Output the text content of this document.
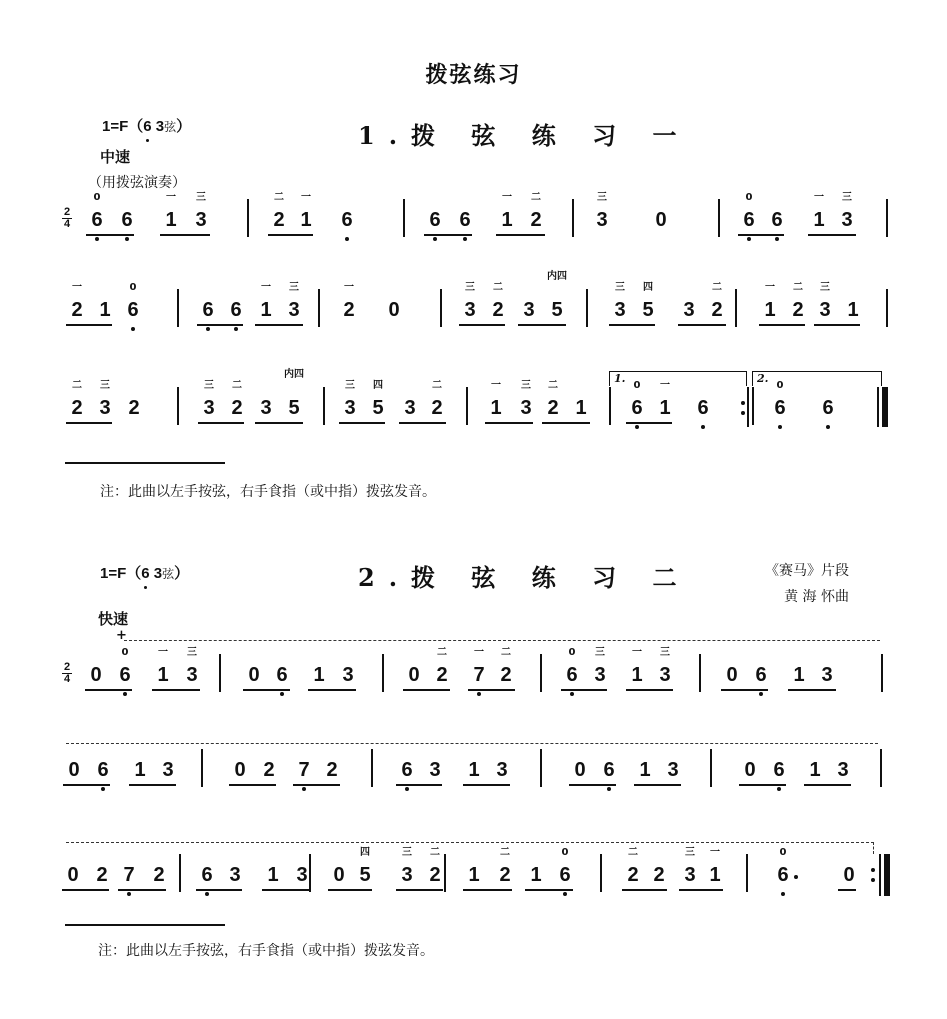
拨弦练习
1=F（6 3弦）	1.拨 弦 练 习 一
中速
（用拨弦演奏）
$\frac{2}{4} 6$
0
6 1
一
3
三
2
二
1
一
6	6 6 1
一
2
二
3
三
0	6
0
6 1
一
3
三
2
一
1 6
0
6 6 1
一
3
三
2
一
0	3
三
2
二
3 5
内四
3
三
5
四
3 2
二
1
一
2
二
3
三
1
2
二
3
三
2	3
三
2
二
3 5
内四
3
三
5
四
3 2
二
1
一
3
三
2
二
1 6
0
1
一
6	6
0
6
1.	2.
注：此曲以左手按弦，右手食指（或中指）拨弦发音。
1=F（6 3弦）	2.拨 弦 练 习 二	《赛马》片段
黄 海 怀曲
快速
+
$\frac{2}{4} 0$ 6
0
1
一
3
三
0 6 1 3	0 2
二
7
一
2
二
6
0
3
三
1
一
3
三
0 6 1 3
0 6 1 3	0 2 7 2	6 3 1 3	0 6 1 3	0 6 1 3
0 2 7 2 6 3 1 3 0 5
四
3
三
2
二
1 2
二
1 6
0
2
二
2 3
三
1
一
6
0
0
注：此曲以左手按弦，右手食指（或中指）拨弦发音。
